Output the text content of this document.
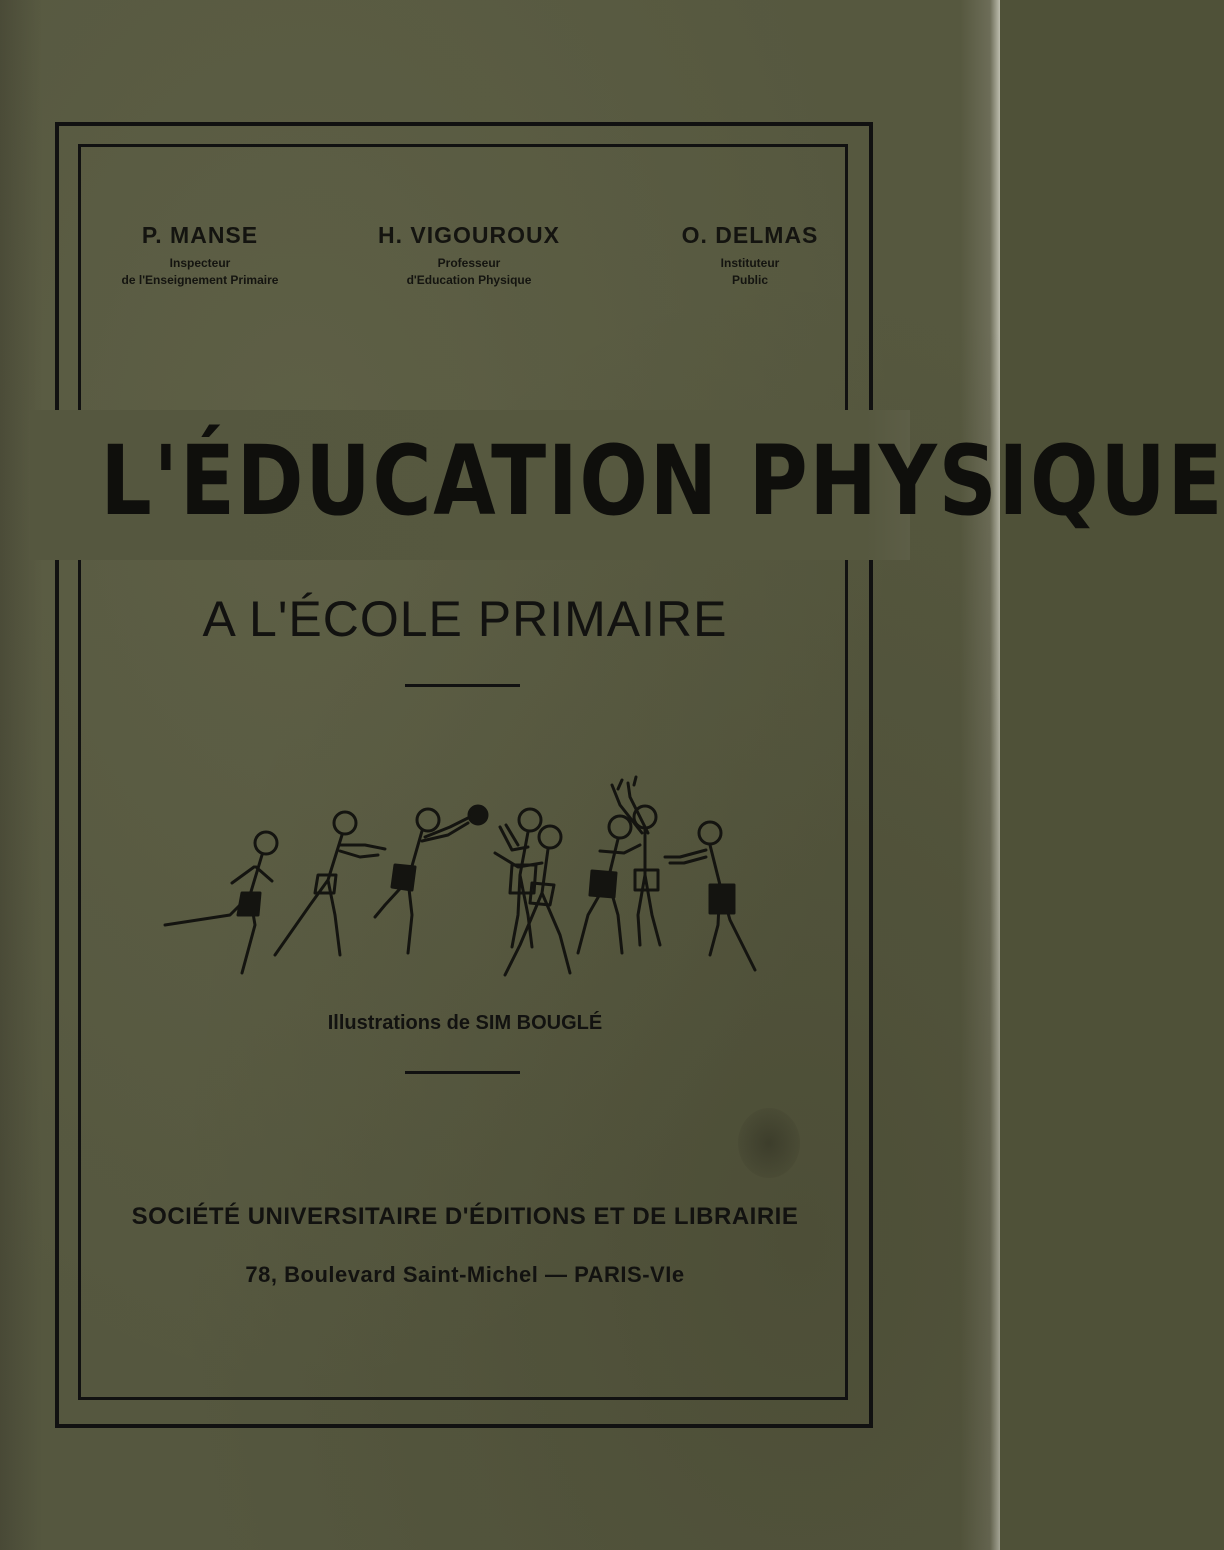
P. MANSE
Inspecteur
de l'Enseignement Primaire
H. VIGOUROUX
Professeur
d'Education Physique
O. DELMAS
Instituteur
Public
L'ÉDUCATION PHYSIQUE
A L'ÉCOLE PRIMAIRE
Illustrations de SIM BOUGLÉ
SOCIÉTÉ UNIVERSITAIRE D'ÉDITIONS ET DE LIBRAIRIE
78, Boulevard Saint-Michel — PARIS-VIe
